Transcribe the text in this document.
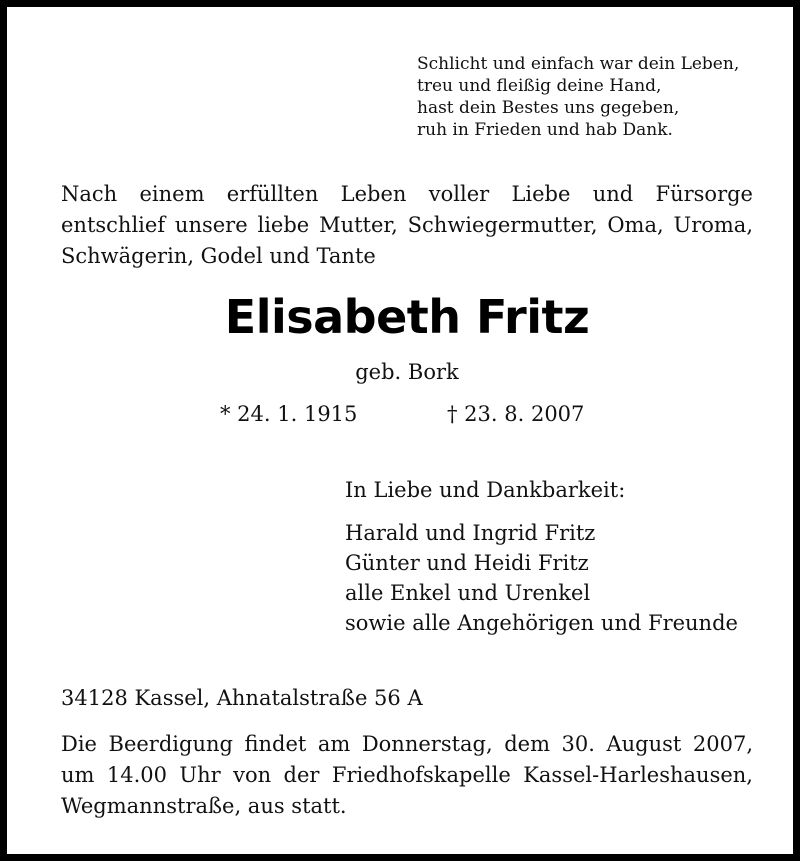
Schlicht und einfach war dein Leben,
treu und fleißig deine Hand,
hast dein Bestes uns gegeben,
ruh in Frieden und hab Dank.
Nach einem erfüllten Leben voller Liebe und Fürsorge
entschlief unsere liebe Mutter, Schwiegermutter, Oma, Uroma,
Schwägerin, Godel und Tante
Elisabeth Fritz
geb. Bork
* 24. 1. 1915	† 23. 8. 2007
In Liebe und Dankbarkeit:
Harald und Ingrid Fritz
Günter und Heidi Fritz
alle Enkel und Urenkel
sowie alle Angehörigen und Freunde
34128 Kassel, Ahnatalstraße 56 A
Die Beerdigung findet am Donnerstag, dem 30. August 2007,
um 14.00 Uhr von der Friedhofskapelle Kassel-Harleshausen,
Wegmannstraße, aus statt.
